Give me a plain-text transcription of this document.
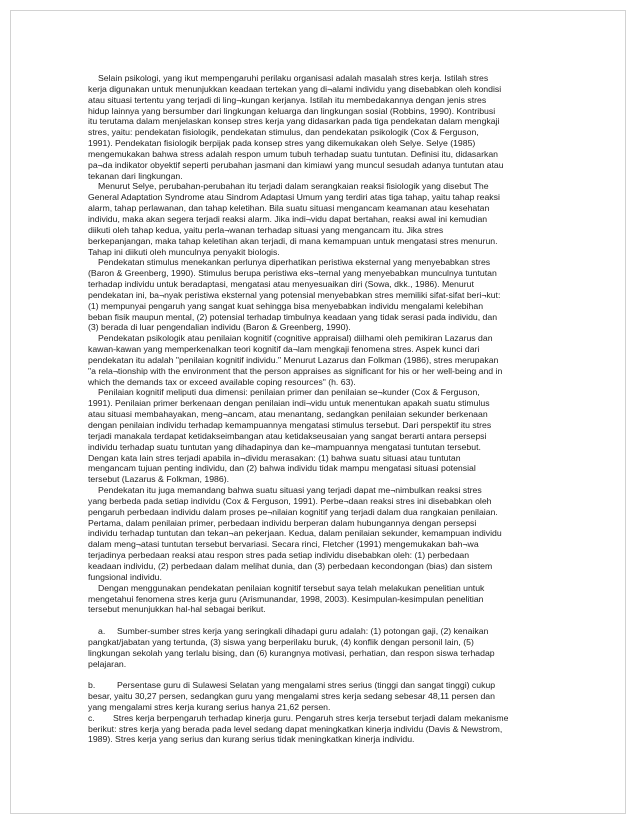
Selain psikologi, yang ikut mempengaruhi perilaku organisasi adalah masalah stres kerja. Istilah stres
kerja digunakan untuk menunjukkan keadaan tertekan yang di¬alami individu yang disebabkan oleh kondisi
atau situasi tertentu yang terjadi di ling¬kungan kerjanya. Istilah itu membedakannya dengan jenis stres
hidup lainnya yang bersumber dari lingkungan keluarga dan lingkungan sosial (Robbins, 1990). Kontribusi
itu terutama dalam menjelaskan konsep stres kerja yang didasarkan pada tiga pendekatan dalam mengkaji
stres, yaitu: pendekatan fisiologik, pendekatan stimulus, dan pendekatan psikologik (Cox & Ferguson,
1991). Pendekatan fisiologik berpijak pada konsep stres yang dikemukakan oleh Selye. Selye (1985)
mengemukakan bahwa stress adalah respon umum tubuh terhadap suatu tuntutan. Definisi itu, didasarkan
pa¬da indikator obyektif seperti perubahan jasmani dan kimiawi yang muncul sesudah adanya tuntutan atau
tekanan dari lingkungan.
Menurut Selye, perubahan-perubahan itu terjadi dalam serangkaian reaksi fisiologik yang disebut The
General Adaptation Syndrome atau Sindrom Adaptasi Umum yang terdiri atas tiga tahap, yaitu tahap reaksi
alarm, tahap perlawanan, dan tahap keletihan. Bila suatu situasi mengancam keamanan atau kesehatan
individu, maka akan segera terjadi reaksi alarm. Jika indi¬vidu dapat bertahan, reaksi awal ini kemudian
diikuti oleh tahap kedua, yaitu perla¬wanan terhadap situasi yang mengancam itu. Jika stres
berkepanjangan, maka tahap keletihan akan terjadi, di mana kemampuan untuk mengatasi stres menurun.
Tahap ini diikuti oleh munculnya penyakit biologis.
Pendekatan stimulus menekankan perlunya diperhatikan peristiwa eksternal yang menyebabkan stres
(Baron & Greenberg, 1990). Stimulus berupa peristiwa eks¬ternal yang menyebabkan munculnya tuntutan
terhadap individu untuk beradaptasi, mengatasi atau menyesuaikan diri (Sowa, dkk., 1986). Menurut
pendekatan ini, ba¬nyak peristiwa eksternal yang potensial menyebabkan stres memiliki sifat-sifat beri¬kut:
(1) mempunyai pengaruh yang sangat kuat sehingga bisa menyebabkan individu mengalami kelebihan
beban fisik maupun mental, (2) potensial terhadap timbulnya keadaan yang tidak serasi pada individu, dan
(3) berada di luar pengendalian individu (Baron & Greenberg, 1990).
Pendekatan psikologik atau penilaian kognitif (cognitive appraisal) diilhami oleh pemikiran Lazarus dan
kawan-kawan yang memperkenalkan teori kognitif da¬lam mengkaji fenomena stres. Aspek kunci dari
pendekatan itu adalah "penilaian kognitif individu." Menurut Lazarus dan Folkman (1986), stres merupakan
"a rela¬tionship with the environment that the person appraises as significant for his or her well-being and in
which the demands tax or exceed available coping resources" (h. 63).
Penilaian kognitif meliputi dua dimensi: penilaian primer dan penilaian se¬kunder (Cox & Ferguson,
1991). Penilaian primer berkenaan dengan penilaian indi¬vidu untuk menentukan apakah suatu stimulus
atau situasi membahayakan, meng¬ancam, atau menantang, sedangkan penilaian sekunder berkenaan
dengan penilaian individu terhadap kemampuannya mengatasi stimulus tersebut. Dari perspektif itu stres
terjadi manakala terdapat ketidakseimbangan atau ketidakseusaian yang sangat berarti antara persepsi
individu terhadap suatu tuntutan yang dihadapinya dan ke¬mampuannya mengatasi tuntutan tersebut.
Dengan kata lain stres terjadi apabila in¬dividu merasakan: (1) bahwa suatu situasi atau tuntutan
mengancam tujuan penting individu, dan (2) bahwa individu tidak mampu mengatasi situasi potensial
tersebut (Lazarus & Folkman, 1986).
Pendekatan itu juga memandang bahwa suatu situasi yang terjadi dapat me¬nimbulkan reaksi stres
yang berbeda pada setiap individu (Cox & Ferguson, 1991). Perbe¬daan reaksi stres ini disebabkan oleh
pengaruh perbedaan individu dalam proses pe¬nilaian kognitif yang terjadi dalam dua rangkaian penilaian.
Pertama, dalam penilaian primer, perbedaan individu berperan dalam hubungannya dengan persepsi
individu terhadap tuntutan dan tekan¬an pekerjaan. Kedua, dalam penilaian sekunder, kemampuan individu
dalam meng¬atasi tuntutan tersebut bervariasi. Secara rinci, Fletcher (1991) mengemukakan bah¬wa
terjadinya perbedaan reaksi atau respon stres pada setiap individu disebabkan oleh: (1) perbedaan
keadaan individu, (2) perbedaan dalam melihat dunia, dan (3) perbedaan kecondongan (bias) dan sistem
fungsional individu.
Dengan menggunakan pendekatan penilaian kognitif tersebut saya telah melakukan penelitian untuk
mengetahui fenomena stres kerja guru (Arismunandar, 1998, 2003). Kesimpulan-kesimpulan penelitian
tersebut menunjukkan hal-hal sebagai berikut.
a. Sumber-sumber stres kerja yang seringkali dihadapi guru adalah: (1) potongan gaji, (2) kenaikan
pangkat/jabatan yang tertunda, (3) siswa yang berperilaku buruk, (4) konflik dengan personil lain, (5)
lingkungan sekolah yang terlalu bising, dan (6) kurangnya motivasi, perhatian, dan respon siswa terhadap
pelajaran.
b.	Persentase guru di Sulawesi Selatan yang mengalami stres serius (tinggi dan sangat tinggi) cukup
besar, yaitu 30,27 persen, sedangkan guru yang mengalami stres kerja sedang sebesar 48,11 persen dan
yang mengalami stres kerja kurang serius hanya 21,62 persen.
c. Stres kerja berpengaruh terhadap kinerja guru. Pengaruh stres kerja tersebut terjadi dalam mekanisme
berikut: stres kerja yang berada pada level sedang dapat meningkatkan kinerja individu (Davis & Newstrom,
1989). Stres kerja yang serius dan kurang serius tidak meningkatkan kinerja individu.
